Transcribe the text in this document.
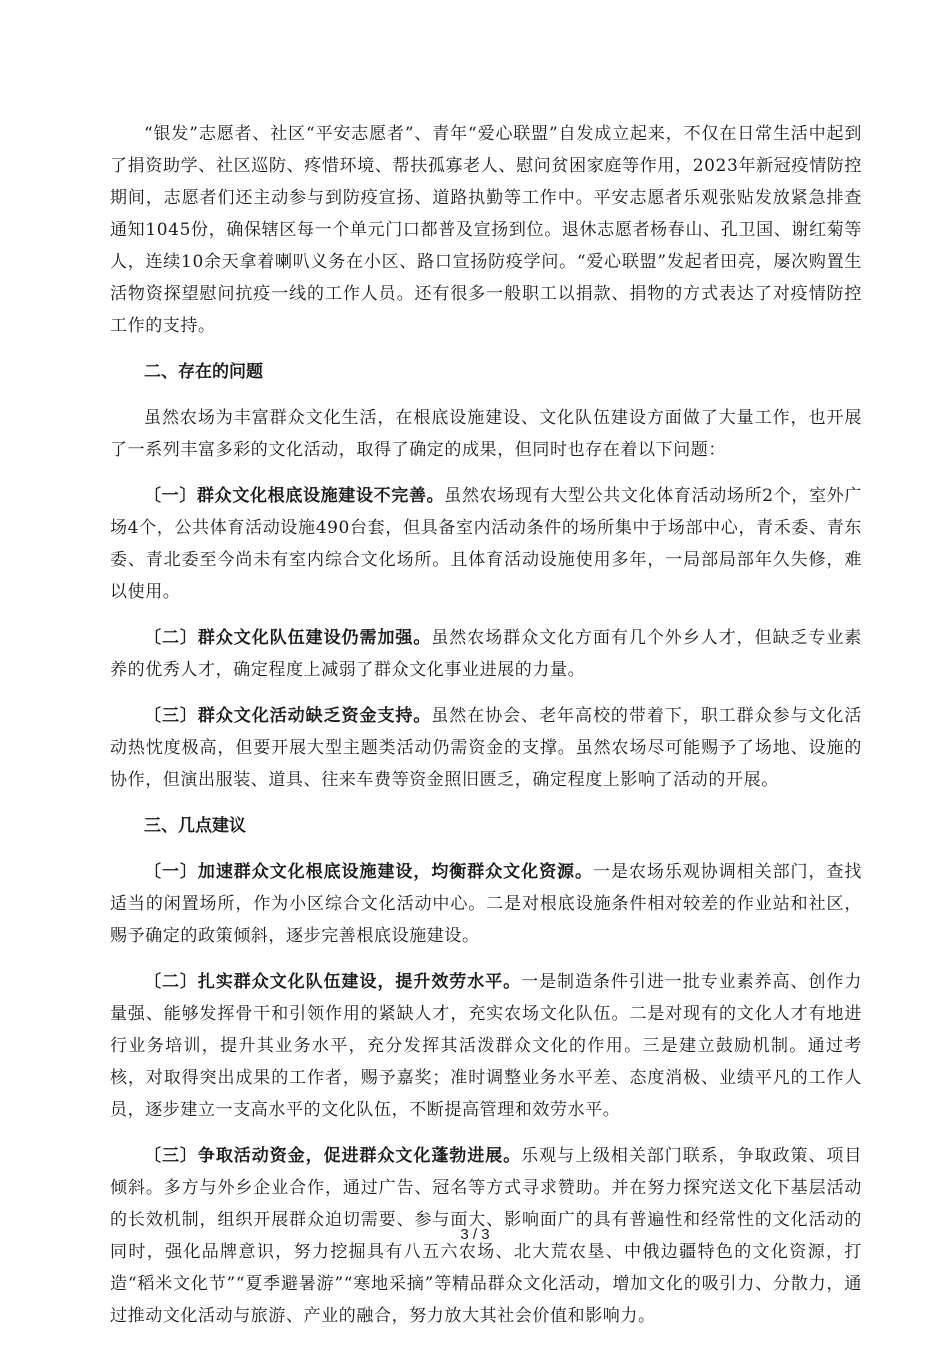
“银发”志愿者、社区“平安志愿者”、青年“爱心联盟”自发成立起来，不仅在日常生活中起到了捐资助学、社区巡防、疼惜环境、帮扶孤寡老人、慰问贫困家庭等作用，2023年新冠疫情防控期间，志愿者们还主动参与到防疫宣扬、道路执勤等工作中。平安志愿者乐观张贴发放紧急排查通知1045份，确保辖区每一个单元门口都普及宣扬到位。退休志愿者杨春山、孔卫国、谢红菊等人，连续10余天拿着喇叭义务在小区、路口宣扬防疫学问。“爱心联盟”发起者田亮，屡次购置生活物资探望慰问抗疫一线的工作人员。还有很多一般职工以捐款、捐物的方式表达了对疫情防控工作的支持。

二、存在的问题

虽然农场为丰富群众文化生活，在根底设施建设、文化队伍建设方面做了大量工作，也开展了一系列丰富多彩的文化活动，取得了确定的成果，但同时也存在着以下问题：

〔一〕群众文化根底设施建设不完善。虽然农场现有大型公共文化体育活动场所2个，室外广场4个，公共体育活动设施490台套，但具备室内活动条件的场所集中于场部中心，青禾委、青东委、青北委至今尚未有室内综合文化场所。且体育活动设施使用多年，一局部局部年久失修，难以使用。

〔二〕群众文化队伍建设仍需加强。虽然农场群众文化方面有几个外乡人才，但缺乏专业素养的优秀人才，确定程度上减弱了群众文化事业进展的力量。

〔三〕群众文化活动缺乏资金支持。虽然在协会、老年高校的带着下，职工群众参与文化活动热忱度极高，但要开展大型主题类活动仍需资金的支撑。虽然农场尽可能赐予了场地、设施的协作，但演出服装、道具、往来车费等资金照旧匮乏，确定程度上影响了活动的开展。

三、几点建议

〔一〕加速群众文化根底设施建设，均衡群众文化资源。一是农场乐观协调相关部门，查找适当的闲置场所，作为小区综合文化活动中心。二是对根底设施条件相对较差的作业站和社区，赐予确定的政策倾斜，逐步完善根底设施建设。

〔二〕扎实群众文化队伍建设，提升效劳水平。一是制造条件引进一批专业素养高、创作力量强、能够发挥骨干和引领作用的紧缺人才，充实农场文化队伍。二是对现有的文化人才有地进行业务培训，提升其业务水平，充分发挥其活泼群众文化的作用。三是建立鼓励机制。通过考核，对取得突出成果的工作者，赐予嘉奖；准时调整业务水平差、态度消极、业绩平凡的工作人员，逐步建立一支高水平的文化队伍，不断提高管理和效劳水平。

〔三〕争取活动资金，促进群众文化蓬勃进展。乐观与上级相关部门联系，争取政策、项目倾斜。多方与外乡企业合作，通过广告、冠名等方式寻求赞助。并在努力探究送文化下基层活动的长效机制，组织开展群众迫切需要、参与面大、影响面广的具有普遍性和经常性的文化活动的同时，强化品牌意识，努力挖掘具有八五六农场、北大荒农垦、中俄边疆特色的文化资源，打造“稻米文化节”“夏季避暑游”“寒地采摘”等精品群众文化活动，增加文化的吸引力、分散力，通过推动文化活动与旅游、产业的融合，努力放大其社会价值和影响力。

3 / 3
